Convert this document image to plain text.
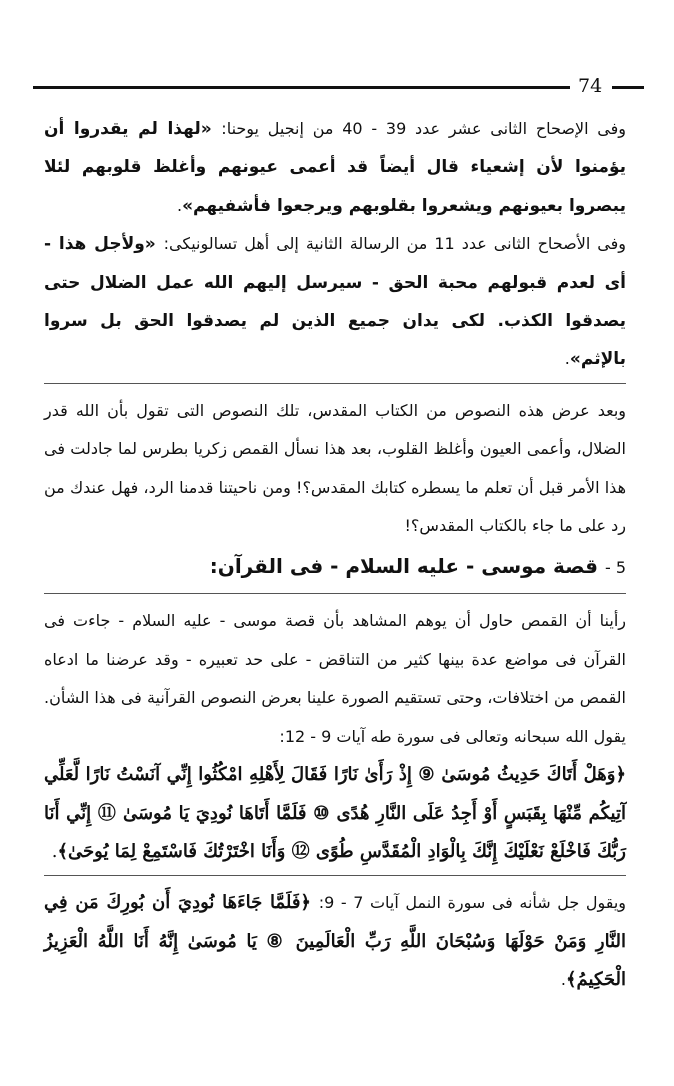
74

وفى الإصحاح الثانى عشر عدد 39 - 40 من إنجيل يوحنا: «لهذا لم يقدروا أن يؤمنوا لأن إشعياء قال أيضاً قد أعمى عيونهم وأغلظ قلوبهم لئلا يبصروا بعيونهم ويشعروا بقلوبهم ويرجعوا فأشفيهم».

وفى الأصحاح الثانى عدد 11 من الرسالة الثانية إلى أهل تسالونيكى: «ولأجل هذا - أى لعدم قبولهم محبة الحق - سيرسل إليهم الله عمل الضلال حتى يصدقوا الكذب. لكى يدان جميع الذين لم يصدقوا الحق بل سروا بالإثم».

وبعد عرض هذه النصوص من الكتاب المقدس، تلك النصوص التى تقول بأن الله قدر الضلال، وأعمى العيون وأغلظ القلوب، بعد هذا نسأل القمص زكريا بطرس لما جادلت فى هذا الأمر قبل أن تعلم ما يسطره كتابك المقدس؟! ومن ناحيتنا قدمنا الرد، فهل عندك من رد على ما جاء بالكتاب المقدس؟!

5 - قصة موسى - عليه السلام - فى القرآن:

رأينا أن القمص حاول أن يوهم المشاهد بأن قصة موسى - عليه السلام - جاءت فى القرآن فى مواضع عدة بينها كثير من التناقض - على حد تعبيره - وقد عرضنا ما ادعاه القمص من اختلافات، وحتى تستقيم الصورة علينا بعرض النصوص القرآنية فى هذا الشأن. يقول الله سبحانه وتعالى فى سورة طه آيات 9 - 12:

﴿وَهَلْ أَتَاكَ حَدِيثُ مُوسَىٰ ⑨ إِذْ رَأَىٰ نَارًا فَقَالَ لِأَهْلِهِ امْكُثُوا إِنِّي آنَسْتُ نَارًا لَّعَلِّي آتِيكُم مِّنْهَا بِقَبَسٍ أَوْ أَجِدُ عَلَى النَّارِ هُدًى ⑩ فَلَمَّا أَتَاهَا نُودِيَ يَا مُوسَىٰ ⑪ إِنِّي أَنَا رَبُّكَ فَاخْلَعْ نَعْلَيْكَ إِنَّكَ بِالْوَادِ الْمُقَدَّسِ طُوًى ⑫ وَأَنَا اخْتَرْتُكَ فَاسْتَمِعْ لِمَا يُوحَىٰ﴾.

ويقول جل شأنه فى سورة النمل آيات 7 - 9: ﴿فَلَمَّا جَاءَهَا نُودِيَ أَن بُورِكَ مَن فِي النَّارِ وَمَنْ حَوْلَهَا وَسُبْحَانَ اللَّهِ رَبِّ الْعَالَمِينَ ⑧ يَا مُوسَىٰ إِنَّهُ أَنَا اللَّهُ الْعَزِيزُ الْحَكِيمُ﴾.
